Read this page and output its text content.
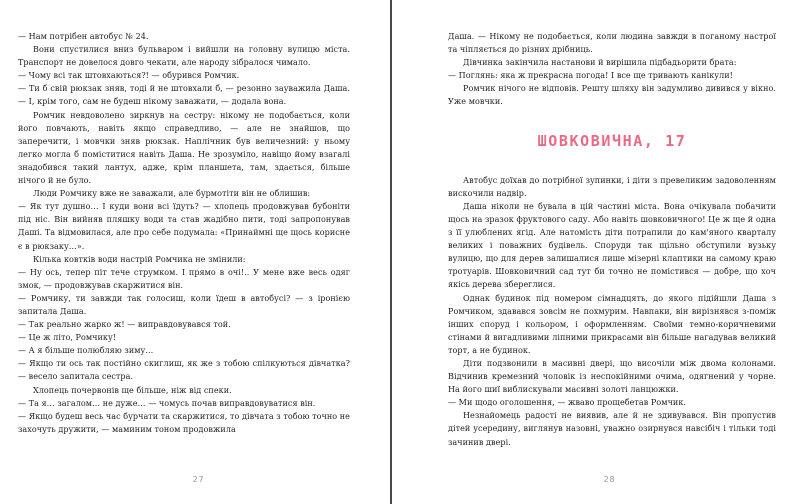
— Нам потрібен автобус № 24.

Вони спустилися вниз бульваром і вийшли на головну вулицю міста. Транспорт не довелося довго чекати, але народу зібралося чимало.

— Чому всі так штовхаються?! — обурився Ромчик.

— Ти б свій рюкзак зняв, тоді й не штовхали б, — резонно зауважила Даша. — І, крім того, сам не будеш нікому заважати, — додала вона.

Ромчик невдоволено зиркнув на сестру: нікому не подобається, коли його повчають, навіть якщо справедливо, — але не знайшов, що заперечити, і мовчки зняв рюкзак. Наплічник був величезний: у ньому легко могла б поміститися навіть Даша. Не зрозуміло, навіщо йому взагалі знадобився такий лантух, адже, крім планшета, там, здається, більше нічого й не було.

Люди Ромчику вже не заважали, але бурмотіти він не облишив:

— Як тут душно… І куди вони всі їдуть? — хлопець продовжував бубоніти під ніс. Він вийняв пляшку води та став жадібно пити, тоді запропонував Даші. Та відмовилася, але про себе подумала: «Принаймні ще щось корисне є в рюкзаку…».

Кілька ковтків води настрій Ромчика не змінили:

— Ну ось, тепер піт тече струмком. І прямо в очі!.. У мене вже весь одяг змок, — продовжував скаржитися він.

— Ромчику, ти завжди так голосиш, коли їдеш в автобусі? — з іронією запитала Даша.

— Так реально жарко ж! — виправдовувався той.

— Це ж літо, Ромчику!

— А я більше полюбляю зиму…

— Якщо ти ось так постійно скиглиш, як же з тобою спілкуються дівчатка? — весело запитала сестра.

Хлопець почервонів ще більше, ніж від спеки.

— Та я… загалом… не дуже… — чомусь почав виправдовуватися він.

— Якщо будеш весь час бурчати та скаржитися, то дівчата з тобою точно не захочуть дружити, — маминим тоном продовжила

27

Даша. — Нікому не подобається, коли людина завжди в поганому настрої та чіпляється до різних дрібниць.

Дівчинка закінчила настанови й вирішила підбадьорити брата:

— Поглянь: яка ж прекрасна погода! І все ще тривають канікули!

Ромчик нічого не відповів. Решту шляху він задумливо дивився у вікно. Уже мовчки.

ШОВКОВИЧНА, 17

Автобус доїхав до потрібної зупинки, і діти з превеликим задоволенням вискочили надвір.

Даша ніколи не бувала в цій частині міста. Вона очікувала побачити щось на зразок фруктового саду. Або навіть шовковичного! Це ж ще й одна з її улюблених ягід. Але натомість діти потрапили до кам'яного кварталу великих і поважних будівель. Споруди так щільно обступили вузьку вулицю, що для дерев залишалися лише мізерні клаптики на самому краю тротуарів. Шовковичний сад тут би точно не помістився — добре, що хоч якісь дерева збереглися.

Однак будинок під номером сімнадцять, до якого підійшли Даша з Ромчиком, здавався зовсім не похмурим. Навпаки, він вирізнявся з-поміж інших споруд і кольором, і оформленням. Своїми темно-коричневими стінами й вигадливими ліпними прикрасами він більше нагадував великий торт, а не будинок.

Діти подзвонили в масивні двері, що височіли між двома колонами. Відчинив кремезний чоловік із неспокійними очима, одягнений у чорне. На його шиї виблискували масивні золоті ланцюжки.

— Ми щодо оголошення, — жваво прощебетав Ромчик.

Незнайомець радості не виявив, але й не здивувався. Він пропустив дітей усередину, виглянув назовні, уважно озирнувся навсібіч і тільки тоді зачинив двері.

28
